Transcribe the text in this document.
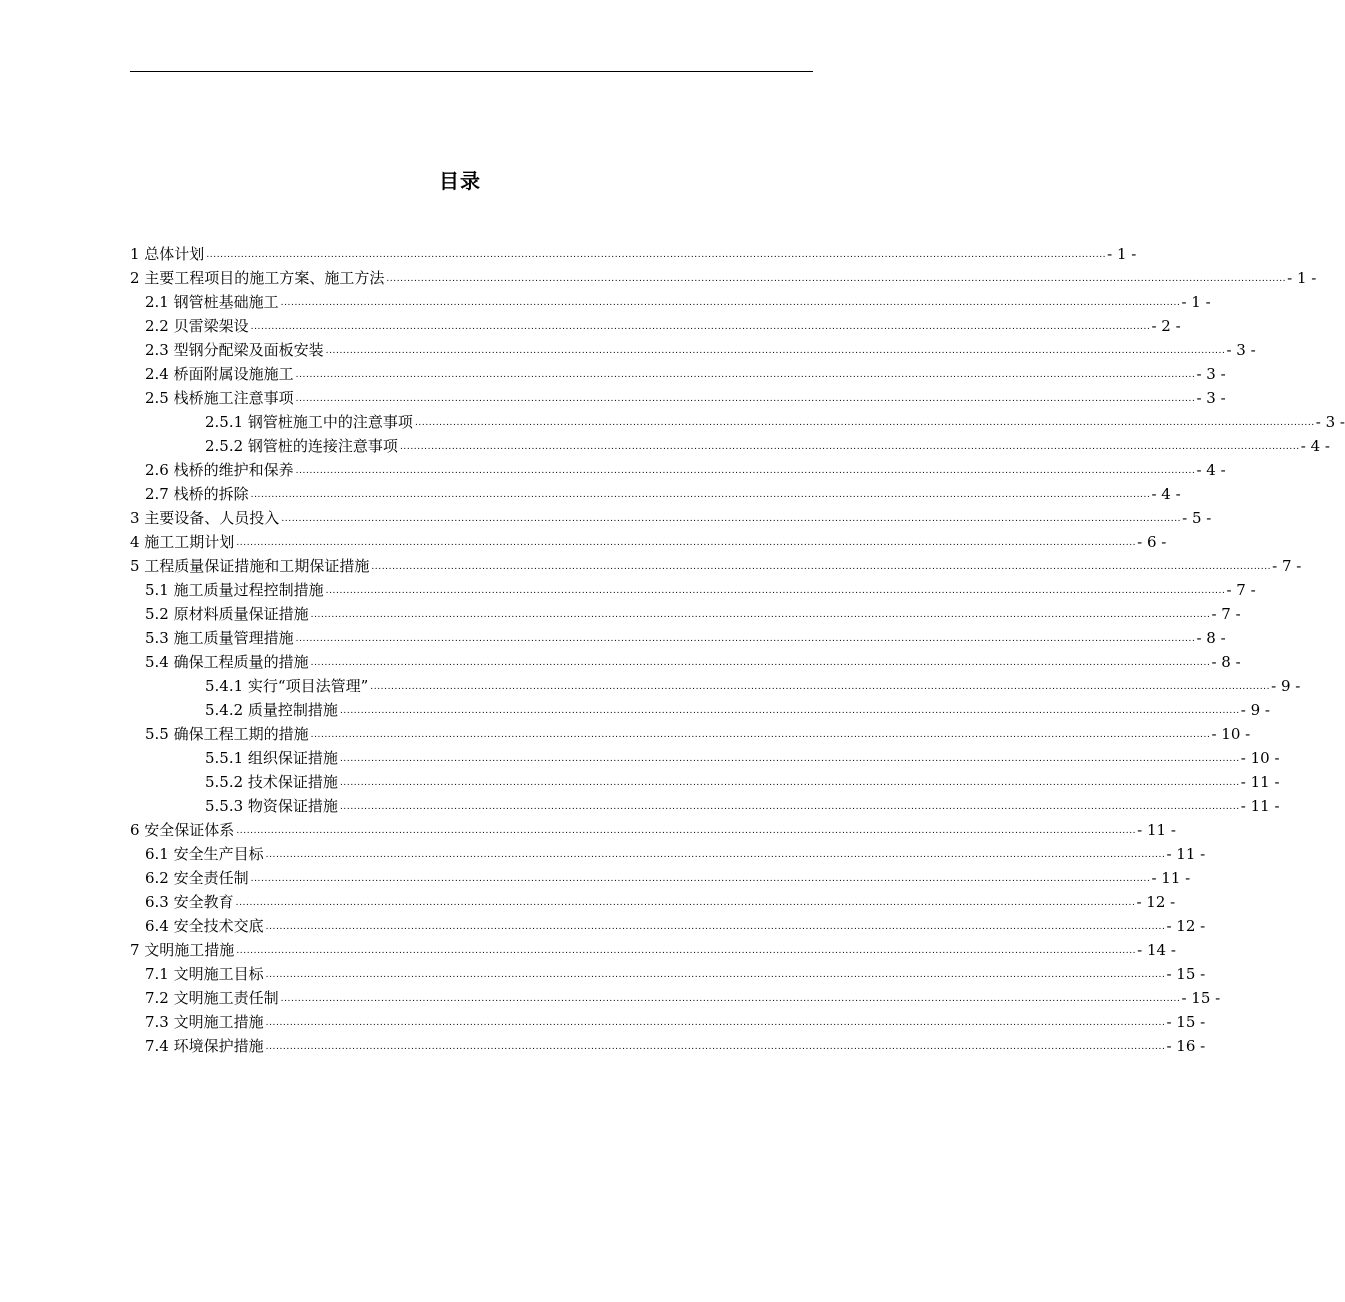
目录
1 总体计划 .................................................................................................................................................................................................................................................................... - 1 -
2 主要工程项目的施工方案、施工方法 .................................................................................................................................................................................................................................................................... - 1 -
2.1 钢管桩基础施工 .................................................................................................................................................................................................................................................................... - 1 -
2.2 贝雷梁架设 .................................................................................................................................................................................................................................................................... - 2 -
2.3 型钢分配梁及面板安装 .................................................................................................................................................................................................................................................................... - 3 -
2.4 桥面附属设施施工 .................................................................................................................................................................................................................................................................... - 3 -
2.5 栈桥施工注意事项 .................................................................................................................................................................................................................................................................... - 3 -
2.5.1 钢管桩施工中的注意事项 .................................................................................................................................................................................................................................................................... - 3 -
2.5.2 钢管桩的连接注意事项 .................................................................................................................................................................................................................................................................... - 4 -
2.6 栈桥的维护和保养 .................................................................................................................................................................................................................................................................... - 4 -
2.7 栈桥的拆除 .................................................................................................................................................................................................................................................................... - 4 -
3 主要设备、人员投入 .................................................................................................................................................................................................................................................................... - 5 -
4 施工工期计划 .................................................................................................................................................................................................................................................................... - 6 -
5 工程质量保证措施和工期保证措施 .................................................................................................................................................................................................................................................................... - 7 -
5.1 施工质量过程控制措施 .................................................................................................................................................................................................................................................................... - 7 -
5.2 原材料质量保证措施 .................................................................................................................................................................................................................................................................... - 7 -
5.3 施工质量管理措施 .................................................................................................................................................................................................................................................................... - 8 -
5.4 确保工程质量的措施 .................................................................................................................................................................................................................................................................... - 8 -
5.4.1 实行“项目法管理” .................................................................................................................................................................................................................................................................... - 9 -
5.4.2 质量控制措施 .................................................................................................................................................................................................................................................................... - 9 -
5.5 确保工程工期的措施 .................................................................................................................................................................................................................................................................... - 10 -
5.5.1 组织保证措施 .................................................................................................................................................................................................................................................................... - 10 -
5.5.2 技术保证措施 .................................................................................................................................................................................................................................................................... - 11 -
5.5.3 物资保证措施 .................................................................................................................................................................................................................................................................... - 11 -
6 安全保证体系 .................................................................................................................................................................................................................................................................... - 11 -
6.1 安全生产目标 .................................................................................................................................................................................................................................................................... - 11 -
6.2 安全责任制 .................................................................................................................................................................................................................................................................... - 11 -
6.3 安全教育 .................................................................................................................................................................................................................................................................... - 12 -
6.4 安全技术交底 .................................................................................................................................................................................................................................................................... - 12 -
7 文明施工措施 .................................................................................................................................................................................................................................................................... - 14 -
7.1 文明施工目标 .................................................................................................................................................................................................................................................................... - 15 -
7.2 文明施工责任制 .................................................................................................................................................................................................................................................................... - 15 -
7.3 文明施工措施 .................................................................................................................................................................................................................................................................... - 15 -
7.4 环境保护措施 .................................................................................................................................................................................................................................................................... - 16 -
